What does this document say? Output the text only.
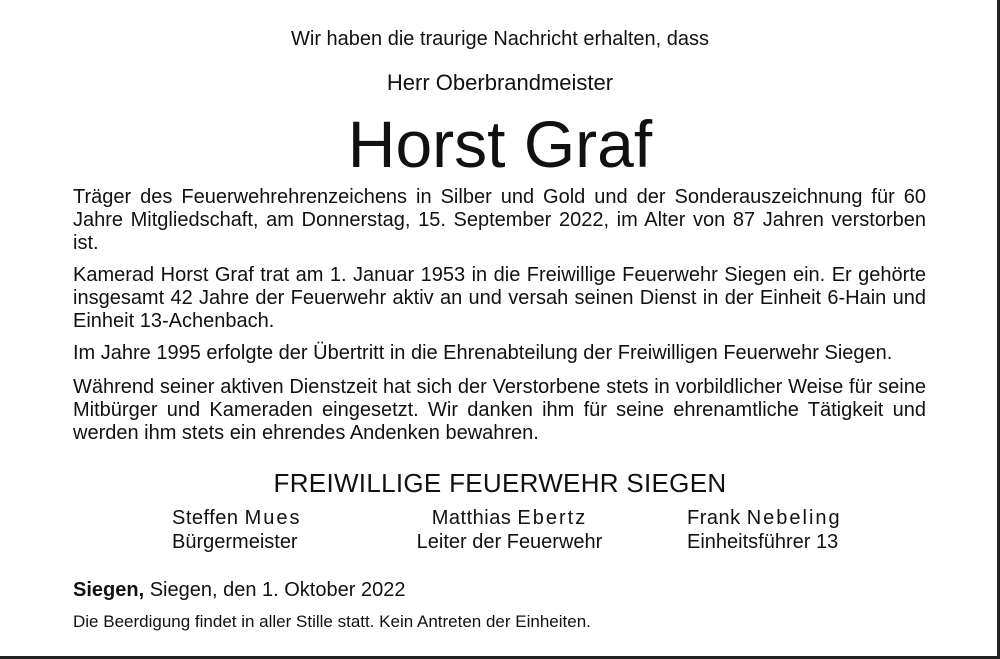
Wir haben die traurige Nachricht erhalten, dass
Herr Oberbrandmeister
Horst Graf
Träger des Feuerwehrehrenzeichens in Silber und Gold und der Sonderauszeichnung für 60 Jahre Mitgliedschaft, am Donnerstag, 15. September 2022, im Alter von 87 Jahren verstorben ist.
Kamerad Horst Graf trat am 1. Januar 1953 in die Freiwillige Feuerwehr Siegen ein. Er gehörte insgesamt 42 Jahre der Feuerwehr aktiv an und versah seinen Dienst in der Einheit 6-Hain und Einheit 13-Achenbach.
Im Jahre 1995 erfolgte der Übertritt in die Ehrenabteilung der Freiwilligen Feuerwehr Siegen.
Während seiner aktiven Dienstzeit hat sich der Verstorbene stets in vorbildlicher Weise für seine Mitbürger und Kameraden eingesetzt. Wir danken ihm für seine ehrenamtliche Tätigkeit und werden ihm stets ein ehrendes Andenken bewahren.
FREIWILLIGE FEUERWEHR SIEGEN
Steffen Mues
Bürgermeister
Matthias Ebertz
Leiter der Feuerwehr
Frank Nebeling
Einheitsführer 13
Siegen, Siegen, den 1. Oktober 2022
Die Beerdigung findet in aller Stille statt. Kein Antreten der Einheiten.
